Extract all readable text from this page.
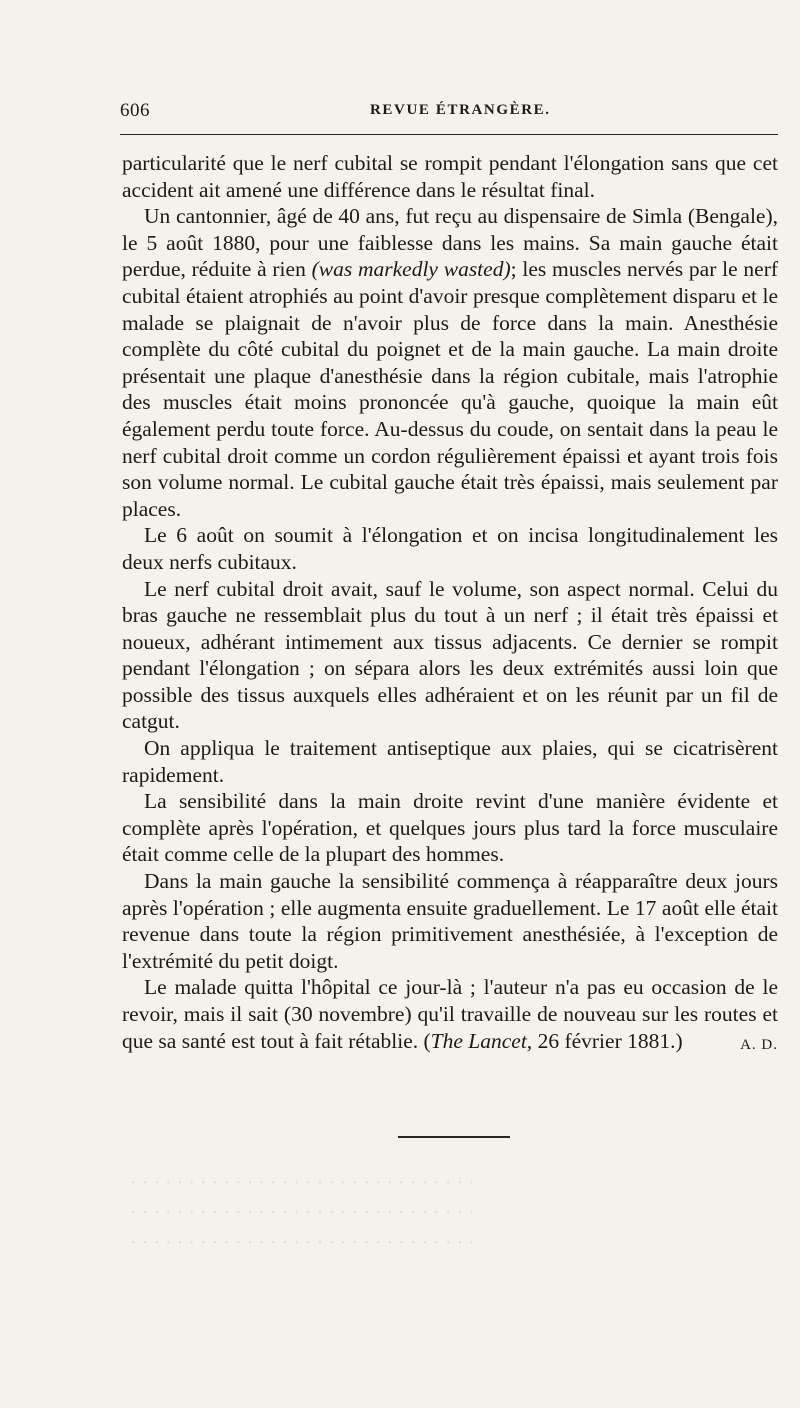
606	REVUE ÉTRANGÈRE.

particularité que le nerf cubital se rompit pendant l'élongation sans que cet accident ait amené une différence dans le résultat final.

Un cantonnier, âgé de 40 ans, fut reçu au dispensaire de Simla (Bengale), le 5 août 1880, pour une faiblesse dans les mains. Sa main gauche était perdue, réduite à rien (was markedly wasted); les muscles nervés par le nerf cubital étaient atrophiés au point d'avoir presque complètement disparu et le malade se plaignait de n'avoir plus de force dans la main. Anesthésie complète du côté cubital du poignet et de la main gauche. La main droite présentait une plaque d'anesthésie dans la région cubitale, mais l'atrophie des muscles était moins prononcée qu'à gauche, quoique la main eût également perdu toute force. Au-dessus du coude, on sentait dans la peau le nerf cubital droit comme un cordon régulièrement épaissi et ayant trois fois son volume normal. Le cubital gauche était très épaissi, mais seulement par places.

Le 6 août on soumit à l'élongation et on incisa longitudinalement les deux nerfs cubitaux.

Le nerf cubital droit avait, sauf le volume, son aspect normal. Celui du bras gauche ne ressemblait plus du tout à un nerf ; il était très épaissi et noueux, adhérant intimement aux tissus adjacents. Ce dernier se rompit pendant l'élongation ; on sépara alors les deux extrémités aussi loin que possible des tissus auxquels elles adhéraient et on les réunit par un fil de catgut.

On appliqua le traitement antiseptique aux plaies, qui se cicatrisèrent rapidement.

La sensibilité dans la main droite revint d'une manière évidente et complète après l'opération, et quelques jours plus tard la force musculaire était comme celle de la plupart des hommes.

Dans la main gauche la sensibilité commença à réapparaître deux jours après l'opération ; elle augmenta ensuite graduellement. Le 17 août elle était revenue dans toute la région primitivement anesthésiée, à l'exception de l'extrémité du petit doigt.

Le malade quitta l'hôpital ce jour-là ; l'auteur n'a pas eu occasion de le revoir, mais il sait (30 novembre) qu'il travaille de nouveau sur les routes et que sa santé est tout à fait rétablie. (The Lancet, 26 février 1881.)	A. D.

· · · · · · · · · · · · · · · · · · · · · · · · · · · · · ·
· · · · · · · · · · · · · · · · · · · · · · · · · · · · · ·
· · · · · · · · · · · · · · · · · · · · · · · · · · · · · ·
